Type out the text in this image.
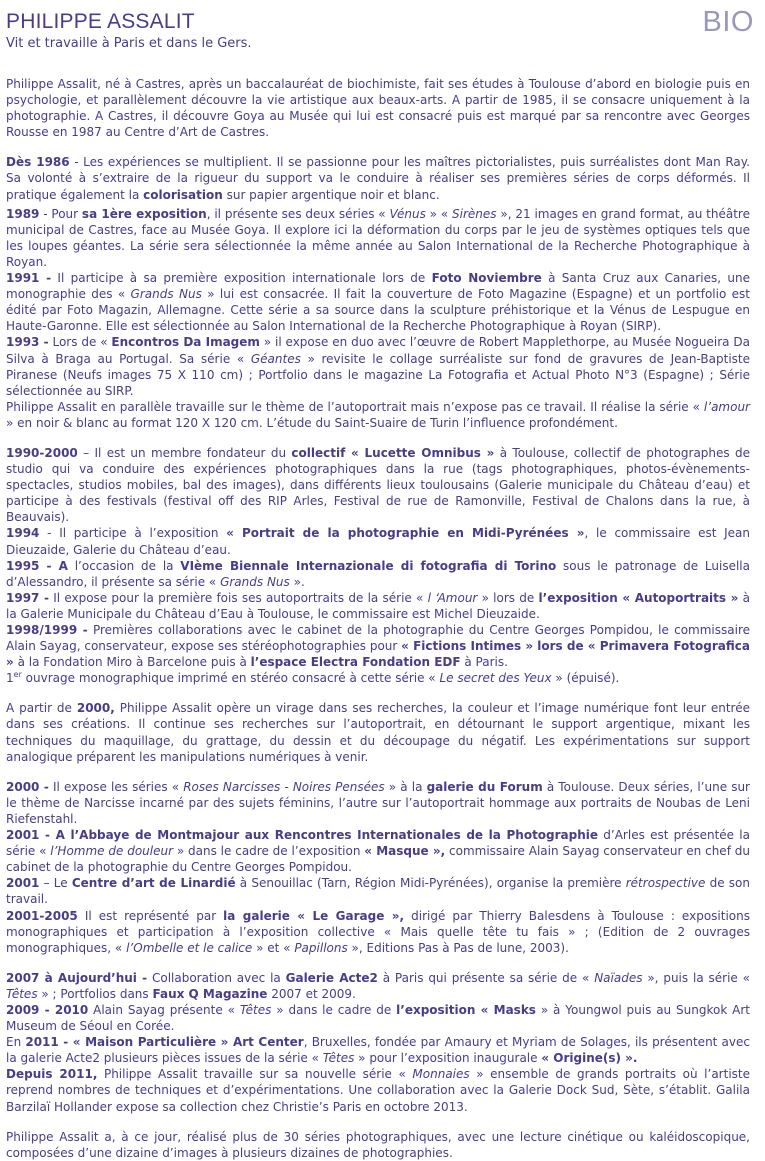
PHILIPPE ASSALIT
Vit et travaille à Paris et dans le Gers.
BIO
Philippe Assalit, né à Castres, après un baccalauréat de biochimiste, fait ses études à Toulouse d’abord en biologie puis en psychologie, et parallèlement découvre la vie artistique aux beaux-arts. A partir de 1985, il se consacre uniquement à la photographie. A Castres, il découvre Goya au Musée qui lui est consacré puis est marqué par sa rencontre avec Georges Rousse en 1987 au Centre d’Art de Castres.
Dès 1986 - Les expériences se multiplient. Il se passionne pour les maîtres pictorialistes, puis surréalistes dont Man Ray. Sa volonté à s’extraire de la rigueur du support va le conduire à réaliser ses premières séries de corps déformés. Il pratique également la colorisation sur papier argentique noir et blanc.
1989 - Pour sa 1ère exposition, il présente ses deux séries « Vénus » « Sirènes », 21 images en grand format, au théâtre municipal de Castres, face au Musée Goya. Il explore ici la déformation du corps par le jeu de systèmes optiques tels que les loupes géantes. La série sera sélectionnée la même année au Salon International de la Recherche Photographique à Royan.
1991 - Il participe à sa première exposition internationale lors de Foto Noviembre à Santa Cruz aux Canaries, une monographie des « Grands Nus » lui est consacrée. Il fait la couverture de Foto Magazine (Espagne) et un portfolio est édité par Foto Magazin, Allemagne. Cette série a sa source dans la sculpture préhistorique et la Vénus de Lespugue en Haute-Garonne. Elle est sélectionnée au Salon International de la Recherche Photographique à Royan (SIRP).
1993 - Lors de « Encontros Da Imagem » il expose en duo avec l’œuvre de Robert Mapplethorpe, au Musée Nogueira Da Silva à Braga au Portugal. Sa série « Géantes » revisite le collage surréaliste sur fond de gravures de Jean-Baptiste Piranese (Neufs images 75 X 110 cm) ; Portfolio dans le magazine La Fotografia et Actual Photo N°3 (Espagne) ; Série sélectionnée au SIRP.
Philippe Assalit en parallèle travaille sur le thème de l’autoportrait mais n’expose pas ce travail. Il réalise la série « l’amour » en noir & blanc au format 120 X 120 cm. L’étude du Saint-Suaire de Turin l’influence profondément.
1990-2000 – Il est un membre fondateur du collectif « Lucette Omnibus » à Toulouse, collectif de photographes de studio qui va conduire des expériences photographiques dans la rue (tags photographiques, photos-évènements-spectacles, studios mobiles, bal des images), dans différents lieux toulousains (Galerie municipale du Château d’eau) et participe à des festivals (festival off des RIP Arles, Festival de rue de Ramonville, Festival de Chalons dans la rue, à Beauvais).
1994 - Il participe à l’exposition « Portrait de la photographie en Midi-Pyrénées », le commissaire est Jean Dieuzaide, Galerie du Château d’eau.
1995 - A l’occasion de la VIème Biennale Internazionale di fotografia di Torino sous le patronage de Luisella d’Alessandro, il présente sa série « Grands Nus ».
1997 - Il expose pour la première fois ses autoportraits de la série « l ‘Amour » lors de l’exposition « Autoportraits » à la Galerie Municipale du Château d’Eau à Toulouse, le commissaire est Michel Dieuzaide.
1998/1999 - Premières collaborations avec le cabinet de la photographie du Centre Georges Pompidou, le commissaire Alain Sayag, conservateur, expose ses stéréophotographies pour « Fictions Intimes » lors de « Primavera Fotografica » à la Fondation Miro à Barcelone puis à l’espace Electra Fondation EDF à Paris.
1er ouvrage monographique imprimé en stéréo consacré à cette série « Le secret des Yeux » (épuisé).
A partir de 2000, Philippe Assalit opère un virage dans ses recherches, la couleur et l’image numérique font leur entrée dans ses créations. Il continue ses recherches sur l’autoportrait, en détournant le support argentique, mixant les techniques du maquillage, du grattage, du dessin et du découpage du négatif. Les expérimentations sur support analogique préparent les manipulations numériques à venir.
2000 - Il expose les séries « Roses Narcisses - Noires Pensées » à la galerie du Forum à Toulouse. Deux séries, l’une sur le thème de Narcisse incarné par des sujets féminins, l’autre sur l’autoportrait hommage aux portraits de Noubas de Leni Riefenstahl.
2001 - A l’Abbaye de Montmajour aux Rencontres Internationales de la Photographie d’Arles est présentée la série « l’Homme de douleur » dans le cadre de l’exposition « Masque », commissaire Alain Sayag conservateur en chef du cabinet de la photographie du Centre Georges Pompidou.
2001 – Le Centre d’art de Linardié à Senouillac (Tarn, Région Midi-Pyrénées), organise la première rétrospective de son travail.
2001-2005 Il est représenté par la galerie « Le Garage », dirigé par Thierry Balesdens à Toulouse : expositions monographiques et participation à l’exposition collective « Mais quelle tête tu fais » ; (Edition de 2 ouvrages monographiques, « l’Ombelle et le calice » et « Papillons », Editions Pas à Pas de lune, 2003).
2007 à Aujourd’hui - Collaboration avec la Galerie Acte2 à Paris qui présente sa série de « Naïades », puis la série « Têtes » ; Portfolios dans Faux Q Magazine 2007 et 2009.
2009 - 2010 Alain Sayag présente « Têtes » dans le cadre de l’exposition « Masks » à Youngwol puis au Sungkok Art Museum de Séoul en Corée.
En 2011 - « Maison Particulière » Art Center, Bruxelles, fondée par Amaury et Myriam de Solages, ils présentent avec la galerie Acte2 plusieurs pièces issues de la série « Têtes » pour l’exposition inaugurale « Origine(s) ».
Depuis 2011, Philippe Assalit travaille sur sa nouvelle série « Monnaies » ensemble de grands portraits où l’artiste reprend nombres de techniques et d’expérimentations. Une collaboration avec la Galerie Dock Sud, Sète, s’établit. Galila Barzilaï Hollander expose sa collection chez Christie’s Paris en octobre 2013.
Philippe Assalit a, à ce jour, réalisé plus de 30 séries photographiques, avec une lecture cinétique ou kaléidoscopique, composées d’une dizaine d’images à plusieurs dizaines de photographies.
